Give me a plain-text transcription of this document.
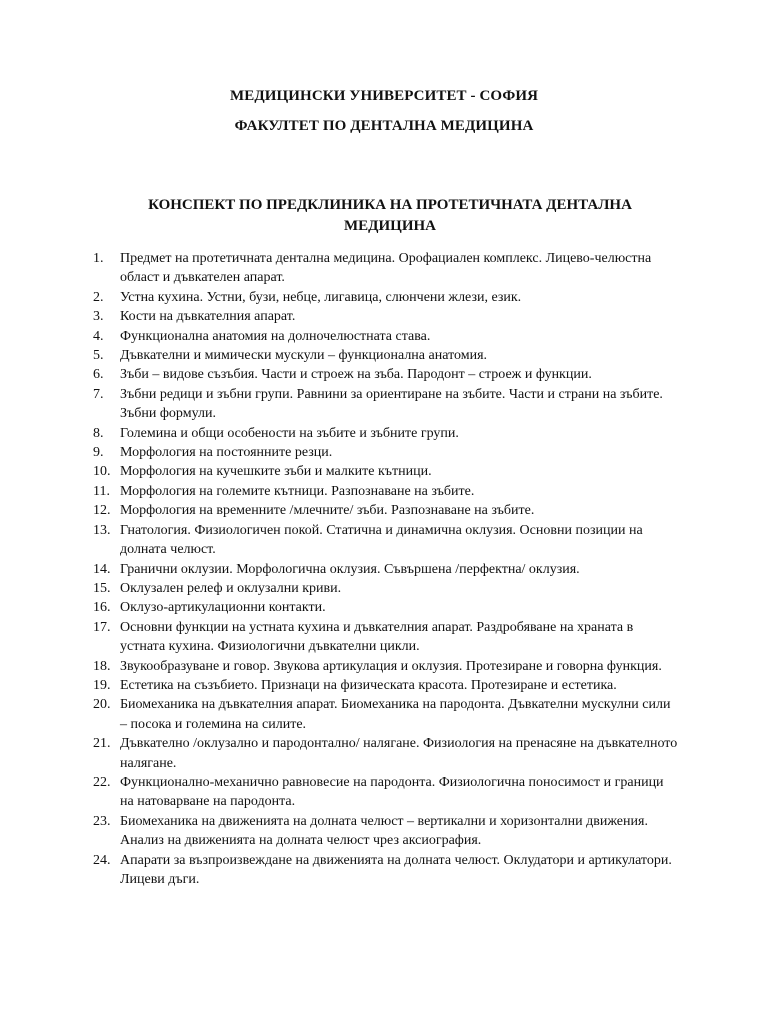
МЕДИЦИНСКИ УНИВЕРСИТЕТ - СОФИЯ
ФАКУЛТЕТ ПО ДЕНТАЛНА МЕДИЦИНА
КОНСПЕКТ ПО ПРЕДКЛИНИКА НА ПРОТЕТИЧНАТА ДЕНТАЛНА
МЕДИЦИНА
1. Предмет на протетичната дентална медицина. Орофациален комплекс. Лицево-челюстна област и дъвкателен апарат.
2. Устна кухина. Устни, бузи, небце, лигавица, слюнчени жлези, език.
3. Кости на дъвкателния апарат.
4. Функционална анатомия на долночелюстната става.
5. Дъвкателни и мимически мускули – функционална анатомия.
6. Зъби – видове съзъбия. Части и строеж на зъба. Пародонт – строеж и функции.
7. Зъбни редици и зъбни групи. Равнини за ориентиране на зъбите. Части и страни на зъбите. Зъбни формули.
8. Големина и общи особености на зъбите и зъбните групи.
9. Морфология на постоянните резци.
10. Морфология на кучешките зъби и малките кътници.
11. Морфология на големите кътници. Разпознаване на зъбите.
12. Морфология на временните /млечните/ зъби. Разпознаване на зъбите.
13. Гнатология. Физиологичен покой. Статична и динамична оклузия. Основни позиции на долната челюст.
14. Гранични оклузии. Морфологична оклузия. Съвършена /перфектна/ оклузия.
15. Оклузален релеф и оклузални криви.
16. Оклузо-артикулационни контакти.
17. Основни функции на устната кухина и дъвкателния апарат. Раздробяване на храната в устната кухина. Физиологични дъвкателни цикли.
18. Звукообразуване и говор. Звукова артикулация и оклузия. Протезиране и говорна функция.
19. Естетика на съзъбието. Признаци на физическата красота. Протезиране и естетика.
20. Биомеханика на дъвкателния апарат. Биомеханика на пародонта. Дъвкателни мускулни сили – посока и големина на силите.
21. Дъвкателно /оклузално и пародонтално/ налягане. Физиология на пренасяне на дъвкателното налягане.
22. Функционално-механично равновесие на пародонта. Физиологична поносимост и граници на натоварване на пародонта.
23. Биомеханика на движенията на долната челюст – вертикални и хоризонтални движения. Анализ на движенията на долната челюст чрез аксиография.
24. Апарати за възпроизвеждане на движенията на долната челюст. Оклудатори и артикулатори. Лицеви дъги.
